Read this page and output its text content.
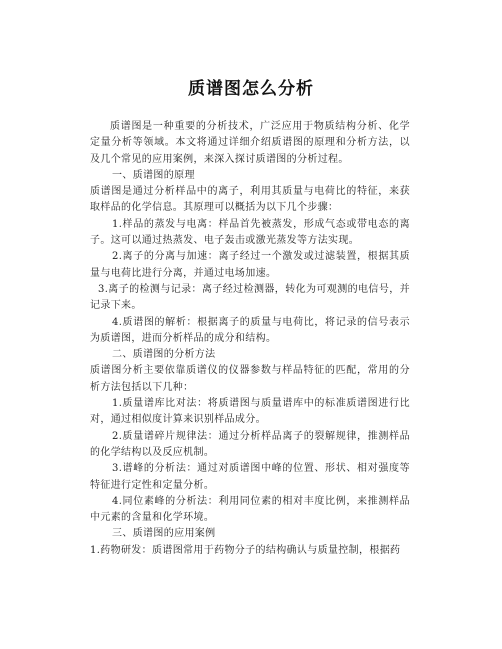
质谱图怎么分析

质谱图是一种重要的分析技术，广泛应用于物质结构分析、化学定量分析等领域。本文将通过详细介绍质谱图的原理和分析方法，以及几个常见的应用案例，来深入探讨质谱图的分析过程。

一、质谱图的原理

质谱图是通过分析样品中的离子，利用其质量与电荷比的特征，来获取样品的化学信息。其原理可以概括为以下几个步骤：

1.样品的蒸发与电离：样品首先被蒸发，形成气态或带电态的离子。这可以通过热蒸发、电子轰击或激光蒸发等方法实现。

2.离子的分离与加速：离子经过一个激发或过滤装置，根据其质量与电荷比进行分离，并通过电场加速。

3.离子的检测与记录：离子经过检测器，转化为可观测的电信号，并记录下来。

4.质谱图的解析：根据离子的质量与电荷比，将记录的信号表示为质谱图，进而分析样品的成分和结构。

二、质谱图的分析方法

质谱图分析主要依靠质谱仪的仪器参数与样品特征的匹配，常用的分析方法包括以下几种：

1.质量谱库比对法：将质谱图与质量谱库中的标准质谱图进行比对，通过相似度计算来识别样品成分。

2.质量谱碎片规律法：通过分析样品离子的裂解规律，推测样品的化学结构以及反应机制。

3.谱峰的分析法：通过对质谱图中峰的位置、形状、相对强度等特征进行定性和定量分析。

4.同位素峰的分析法：利用同位素的相对丰度比例，来推测样品中元素的含量和化学环境。

三、质谱图的应用案例

1.药物研发：质谱图常用于药物分子的结构确认与质量控制，根据药
